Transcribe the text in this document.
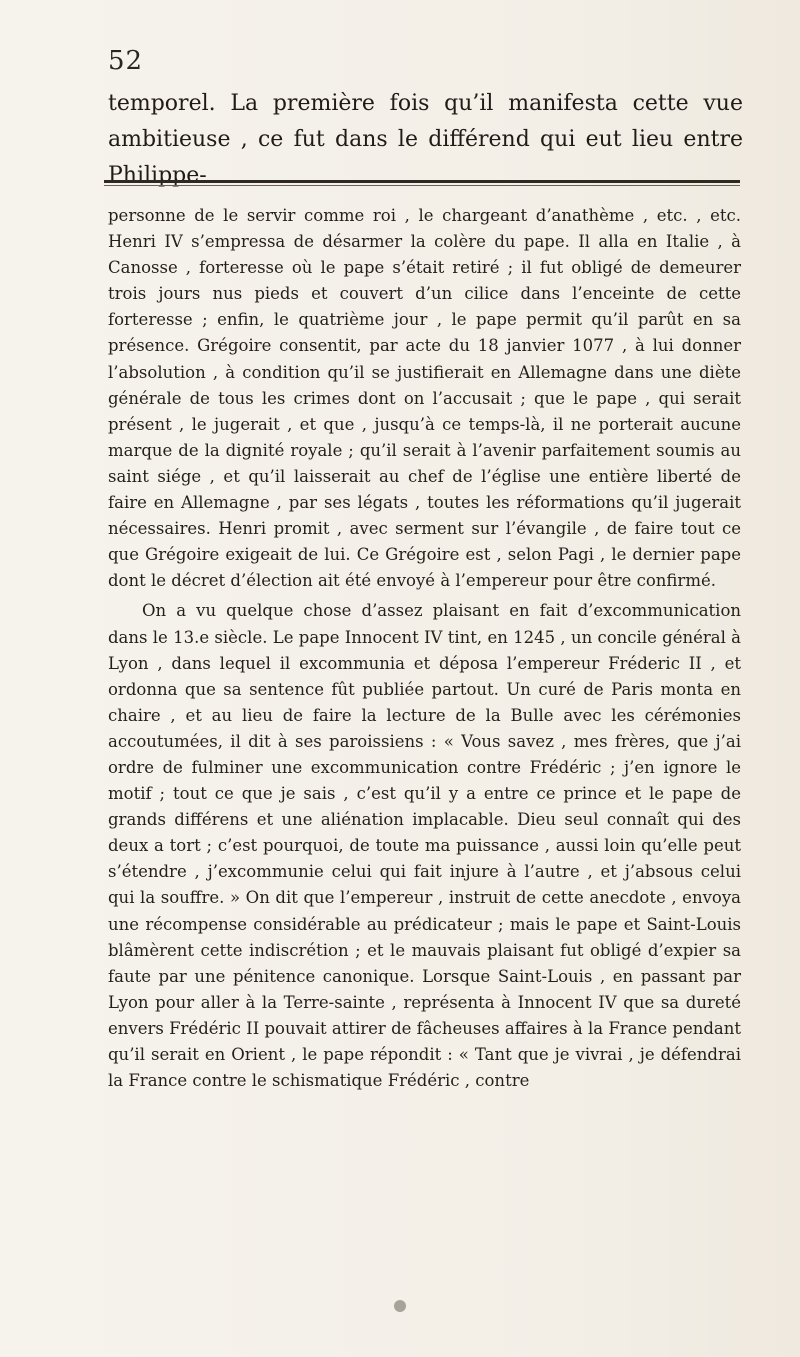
52

temporel. La première fois qu’il manifesta cette vue ambitieuse , ce fut dans le différend qui eut lieu entre Philippe-

personne de le servir comme roi , le chargeant d’anathème , etc. , etc. Henri IV s’empressa de désarmer la colère du pape. Il alla en Italie , à Canosse , forteresse où le pape s’était retiré ; il fut obligé de demeurer trois jours nus pieds et couvert d’un cilice dans l’enceinte de cette forteresse ; enfin, le quatrième jour , le pape permit qu’il parût en sa présence. Grégoire consentit, par acte du 18 janvier 1077 , à lui donner l’absolution , à condition qu’il se justifierait en Allemagne dans une diète générale de tous les crimes dont on l’accusait ; que le pape , qui serait présent , le jugerait , et que , jusqu’à ce temps-là, il ne porterait aucune marque de la dignité royale ; qu’il serait à l’avenir parfaitement soumis au saint siége , et qu’il laisserait au chef de l’église une entière liberté de faire en Allemagne , par ses légats , toutes les réformations qu’il jugerait nécessaires. Henri promit , avec serment sur l’évangile , de faire tout ce que Grégoire exigeait de lui. Ce Grégoire est , selon Pagi , le dernier pape dont le décret d’élection ait été envoyé à l’empereur pour être confirmé.

On a vu quelque chose d’assez plaisant en fait d’excommunication dans le 13.e siècle. Le pape Innocent IV tint, en 1245 , un concile général à Lyon , dans lequel il excommunia et déposa l’empereur Fréderic II , et ordonna que sa sentence fût publiée partout. Un curé de Paris monta en chaire , et au lieu de faire la lecture de la Bulle avec les cérémonies accoutumées, il dit à ses paroissiens : « Vous savez , mes frères, que j’ai ordre de fulminer une excommunication contre Frédéric ; j’en ignore le motif ; tout ce que je sais , c’est qu’il y a entre ce prince et le pape de grands différens et une aliénation implacable. Dieu seul connaît qui des deux a tort ; c’est pourquoi, de toute ma puissance , aussi loin qu’elle peut s’étendre , j’excommunie celui qui fait injure à l’autre , et j’absous celui qui la souffre. » On dit que l’empereur , instruit de cette anecdote , envoya une récompense considérable au prédicateur ; mais le pape et Saint-Louis blâmèrent cette indiscrétion ; et le mauvais plaisant fut obligé d’expier sa faute par une pénitence canonique. Lorsque Saint-Louis , en passant par Lyon pour aller à la Terre-sainte , représenta à Innocent IV que sa dureté envers Frédéric II pouvait attirer de fâcheuses affaires à la France pendant qu’il serait en Orient , le pape répondit : « Tant que je vivrai , je défendrai la France contre le schismatique Frédéric , contre
